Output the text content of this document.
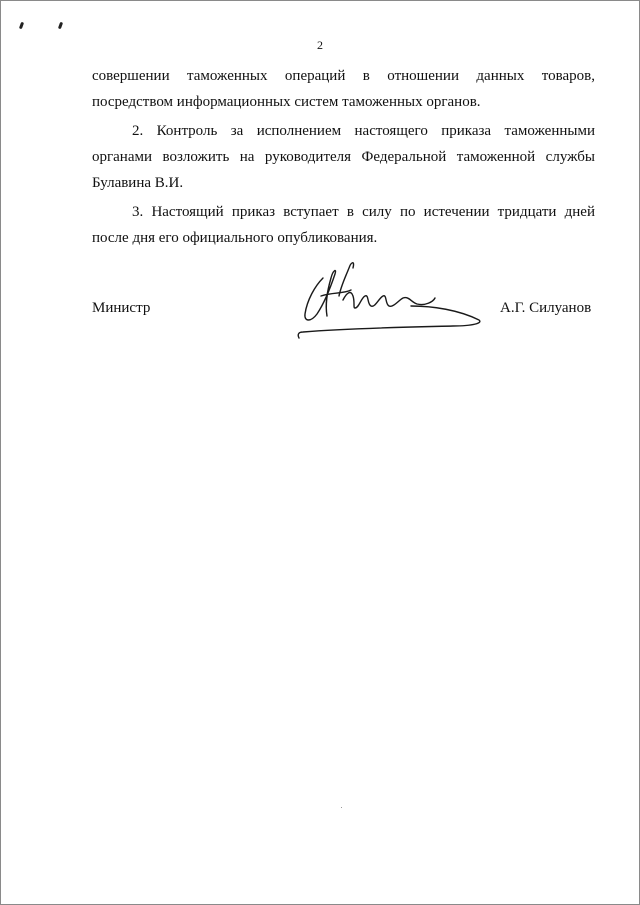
2

совершении таможенных операций в отношении данных товаров, посредством информационных систем таможенных органов.

2. Контроль за исполнением настоящего приказа таможенными органами возложить на руководителя Федеральной таможенной службы Булавина В.И.

3. Настоящий приказ вступает в силу по истечении тридцати дней после дня его официального опубликования.

Министр	А.Г. Силуанов
